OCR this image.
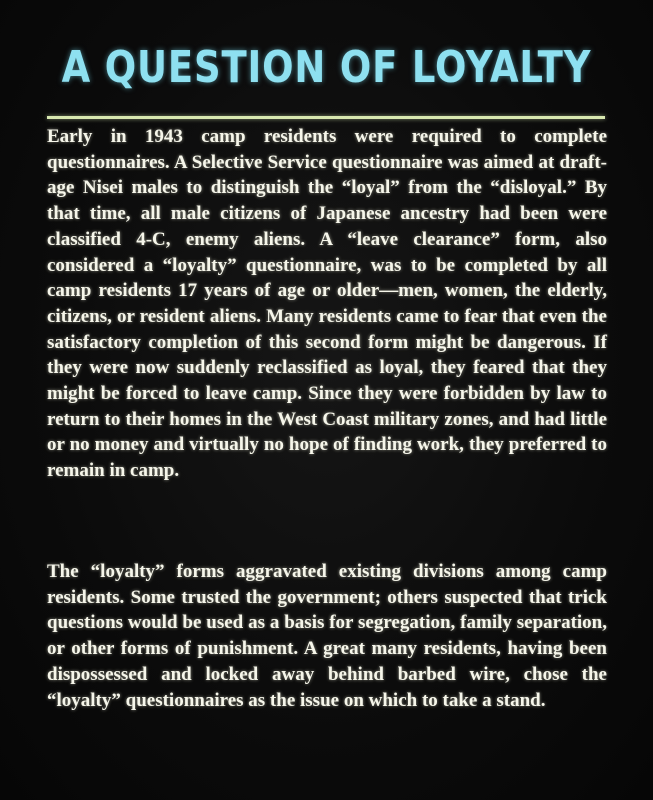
A QUESTION OF LOYALTY

Early in 1943 camp residents were required to complete questionnaires. A Selective Service questionnaire was aimed at draft-age Nisei males to distinguish the “loyal” from the “disloyal.” By that time, all male citizens of Japanese ancestry had been were classified 4-C, enemy aliens. A “leave clearance” form, also considered a “loyalty” questionnaire, was to be completed by all camp residents 17 years of age or older—men, women, the elderly, citizens, or resident aliens. Many residents came to fear that even the satisfactory completion of this second form might be dangerous. If they were now suddenly reclassified as loyal, they feared that they might be forced to leave camp. Since they were forbidden by law to return to their homes in the West Coast military zones, and had little or no money and virtually no hope of finding work, they preferred to remain in camp.

The “loyalty” forms aggravated existing divisions among camp residents. Some trusted the government; others suspected that trick questions would be used as a basis for segregation, family separation, or other forms of punishment. A great many residents, having been dispossessed and locked away behind barbed wire, chose the “loyalty” questionnaires as the issue on which to take a stand.
